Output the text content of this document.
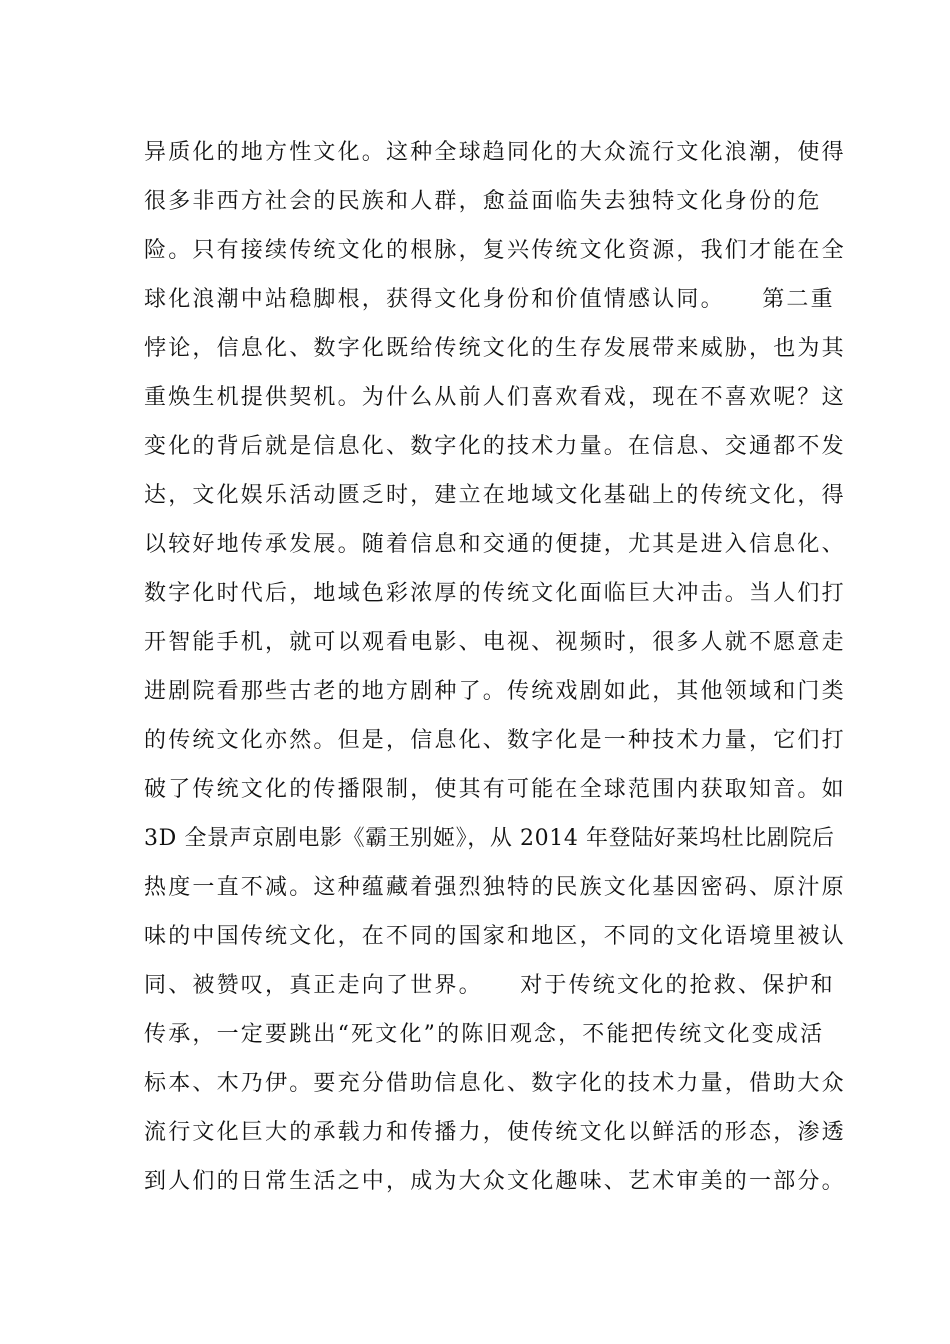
异质化的地方性文化。这种全球趋同化的大众流行文化浪潮，使得
很多非西方社会的民族和人群，愈益面临失去独特文化身份的危
险。只有接续传统文化的根脉，复兴传统文化资源，我们才能在全
球化浪潮中站稳脚根，获得文化身份和价值情感认同。　　第二重
悖论，信息化、数字化既给传统文化的生存发展带来威胁，也为其
重焕生机提供契机。为什么从前人们喜欢看戏，现在不喜欢呢？这
变化的背后就是信息化、数字化的技术力量。在信息、交通都不发
达，文化娱乐活动匮乏时，建立在地域文化基础上的传统文化，得
以较好地传承发展。随着信息和交通的便捷，尤其是进入信息化、
数字化时代后，地域色彩浓厚的传统文化面临巨大冲击。当人们打
开智能手机，就可以观看电影、电视、视频时，很多人就不愿意走
进剧院看那些古老的地方剧种了。传统戏剧如此，其他领域和门类
的传统文化亦然。但是，信息化、数字化是一种技术力量，它们打
破了传统文化的传播限制，使其有可能在全球范围内获取知音。如
3D 全景声京剧电影《霸王别姬》，从 2014 年登陆好莱坞杜比剧院后
热度一直不减。这种蕴藏着强烈独特的民族文化基因密码、原汁原
味的中国传统文化，在不同的国家和地区，不同的文化语境里被认
同、被赞叹，真正走向了世界。　　对于传统文化的抢救、保护和
传承，一定要跳出“死文化”的陈旧观念，不能把传统文化变成活
标本、木乃伊。要充分借助信息化、数字化的技术力量，借助大众
流行文化巨大的承载力和传播力，使传统文化以鲜活的形态，渗透
到人们的日常生活之中，成为大众文化趣味、艺术审美的一部分。
